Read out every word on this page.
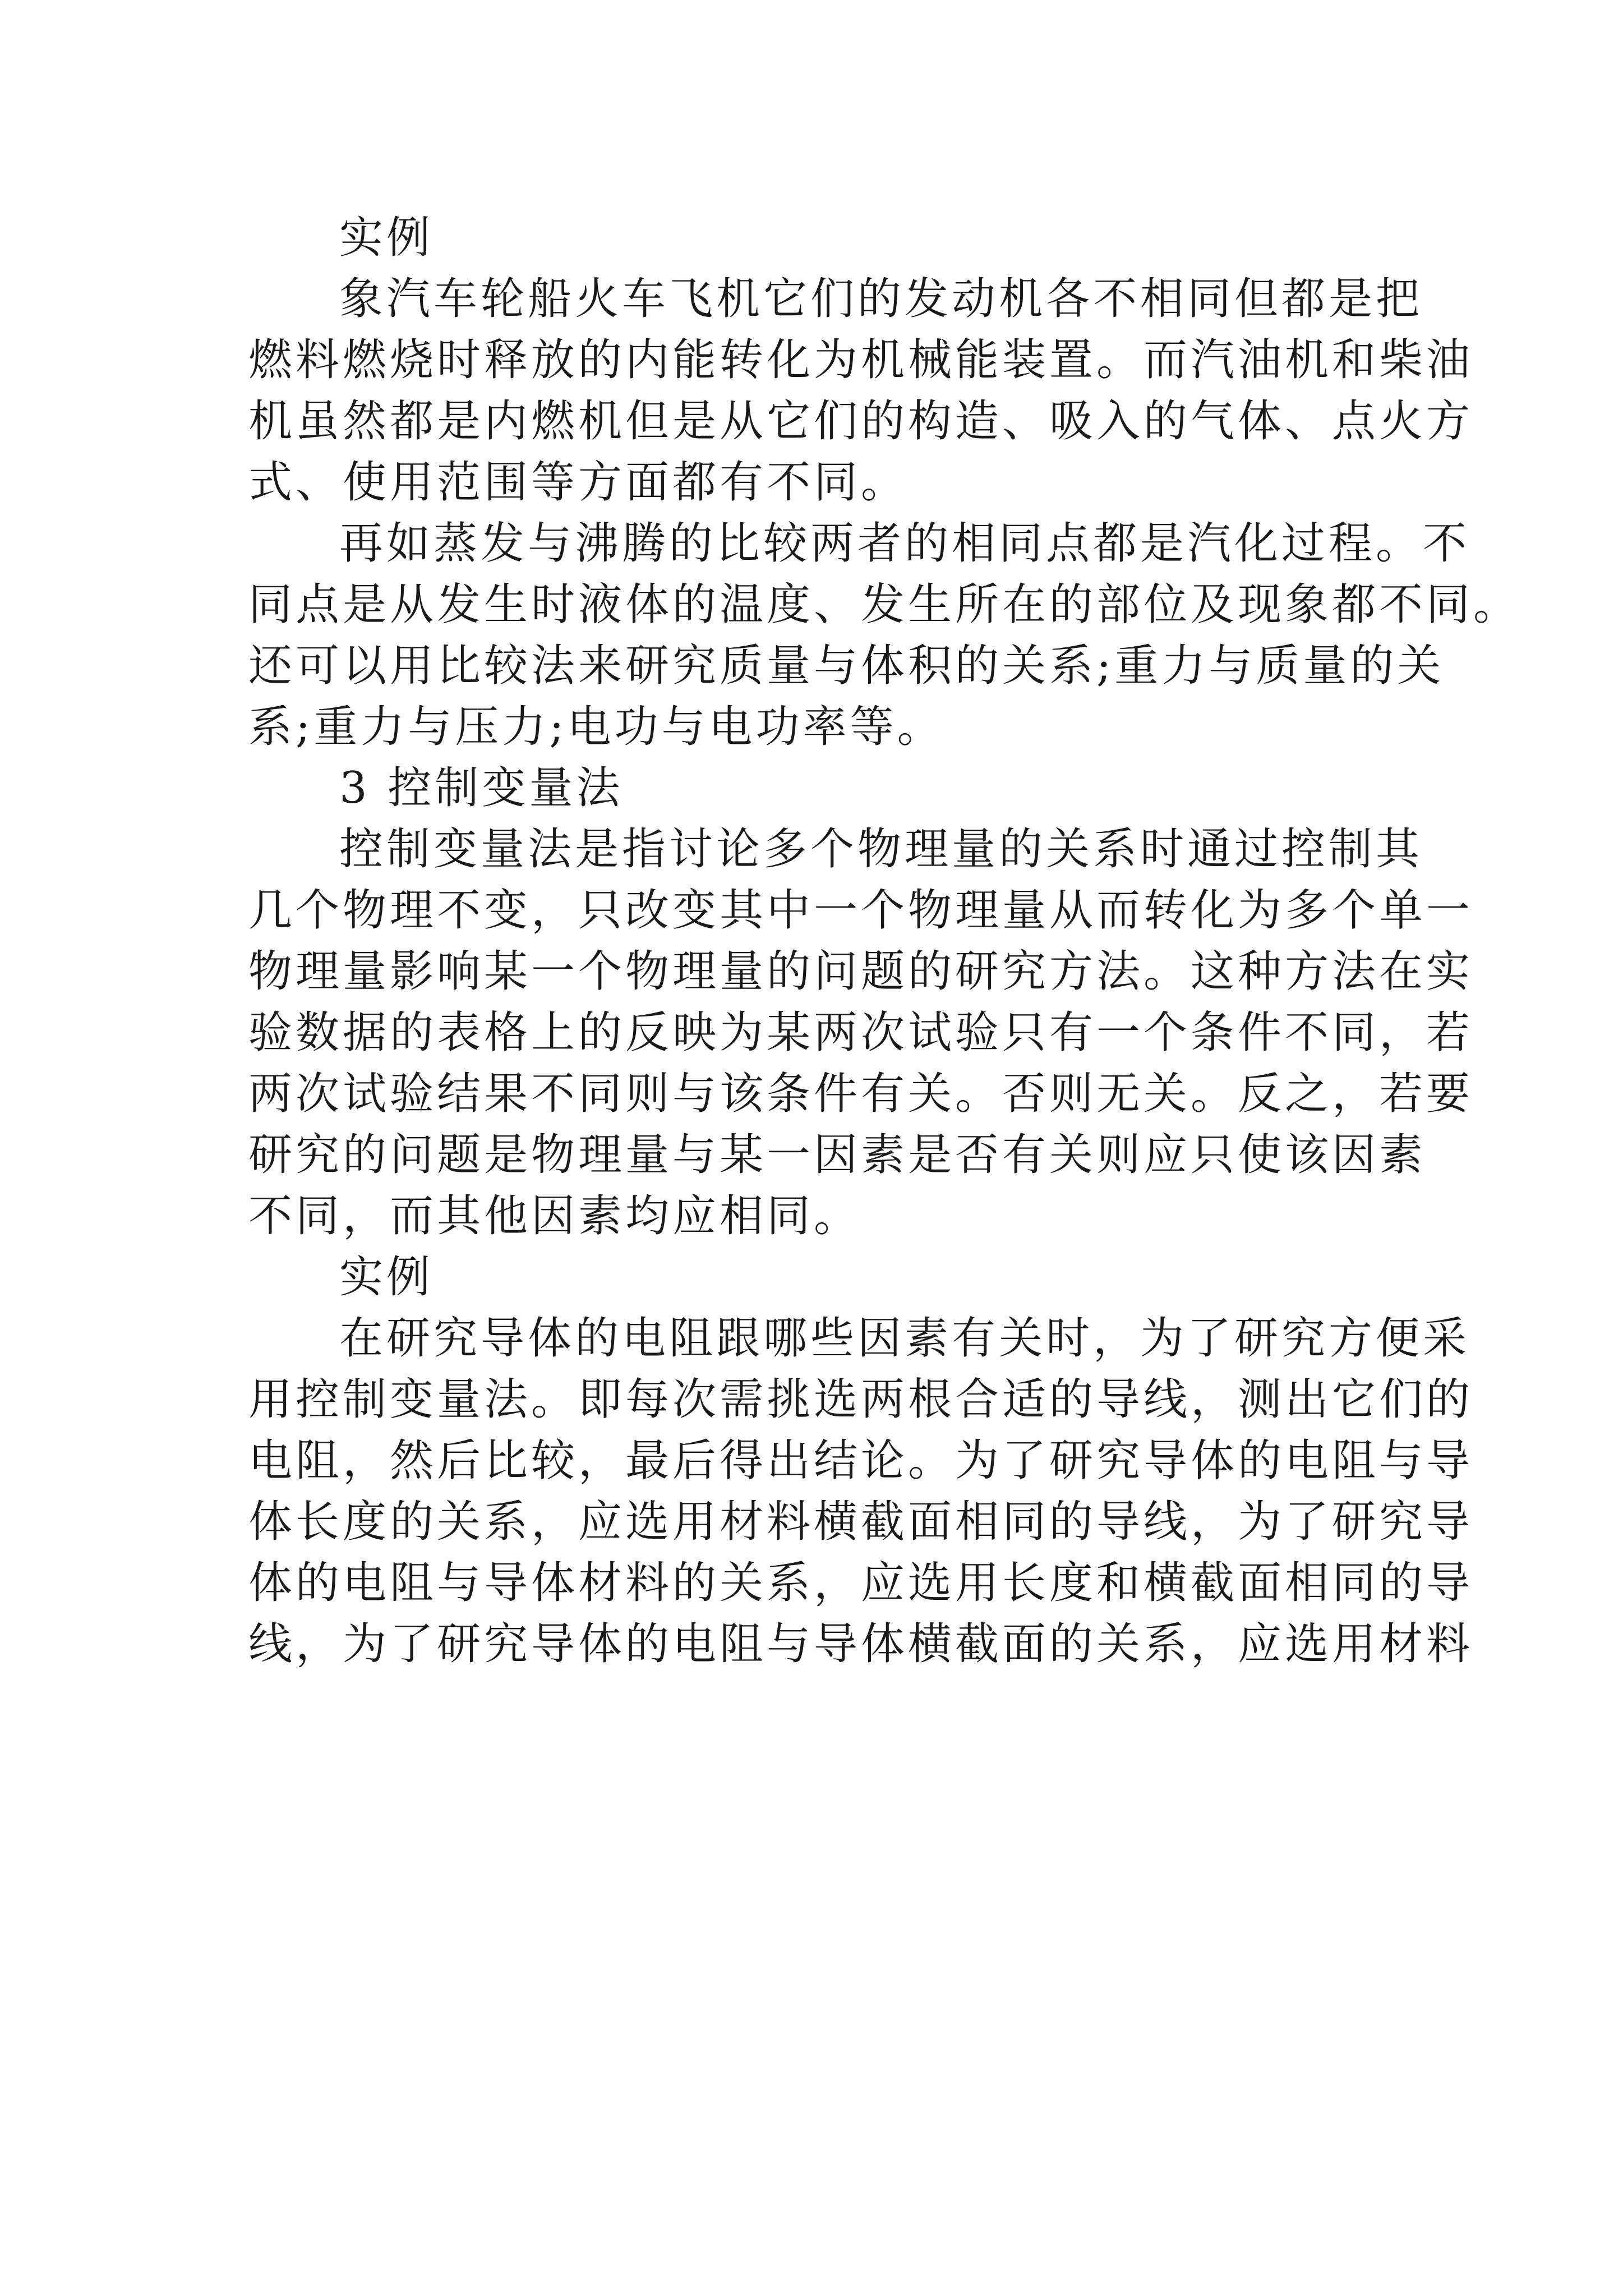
实例
象汽车轮船火车飞机它们的发动机各不相同但都是把
燃料燃烧时释放的内能转化为机械能装置。而汽油机和柴油
机虽然都是内燃机但是从它们的构造、吸入的气体、点火方
式、使用范围等方面都有不同。
再如蒸发与沸腾的比较两者的相同点都是汽化过程。不
同点是从发生时液体的温度、发生所在的部位及现象都不同。
还可以用比较法来研究质量与体积的关系;重力与质量的关
系;重力与压力;电功与电功率等。
3 控制变量法
控制变量法是指讨论多个物理量的关系时通过控制其
几个物理不变，只改变其中一个物理量从而转化为多个单一
物理量影响某一个物理量的问题的研究方法。这种方法在实
验数据的表格上的反映为某两次试验只有一个条件不同，若
两次试验结果不同则与该条件有关。否则无关。反之，若要
研究的问题是物理量与某一因素是否有关则应只使该因素
不同，而其他因素均应相同。
实例
在研究导体的电阻跟哪些因素有关时，为了研究方便采
用控制变量法。即每次需挑选两根合适的导线，测出它们的
电阻，然后比较，最后得出结论。为了研究导体的电阻与导
体长度的关系，应选用材料横截面相同的导线，为了研究导
体的电阻与导体材料的关系，应选用长度和横截面相同的导
线，为了研究导体的电阻与导体横截面的关系，应选用材料
